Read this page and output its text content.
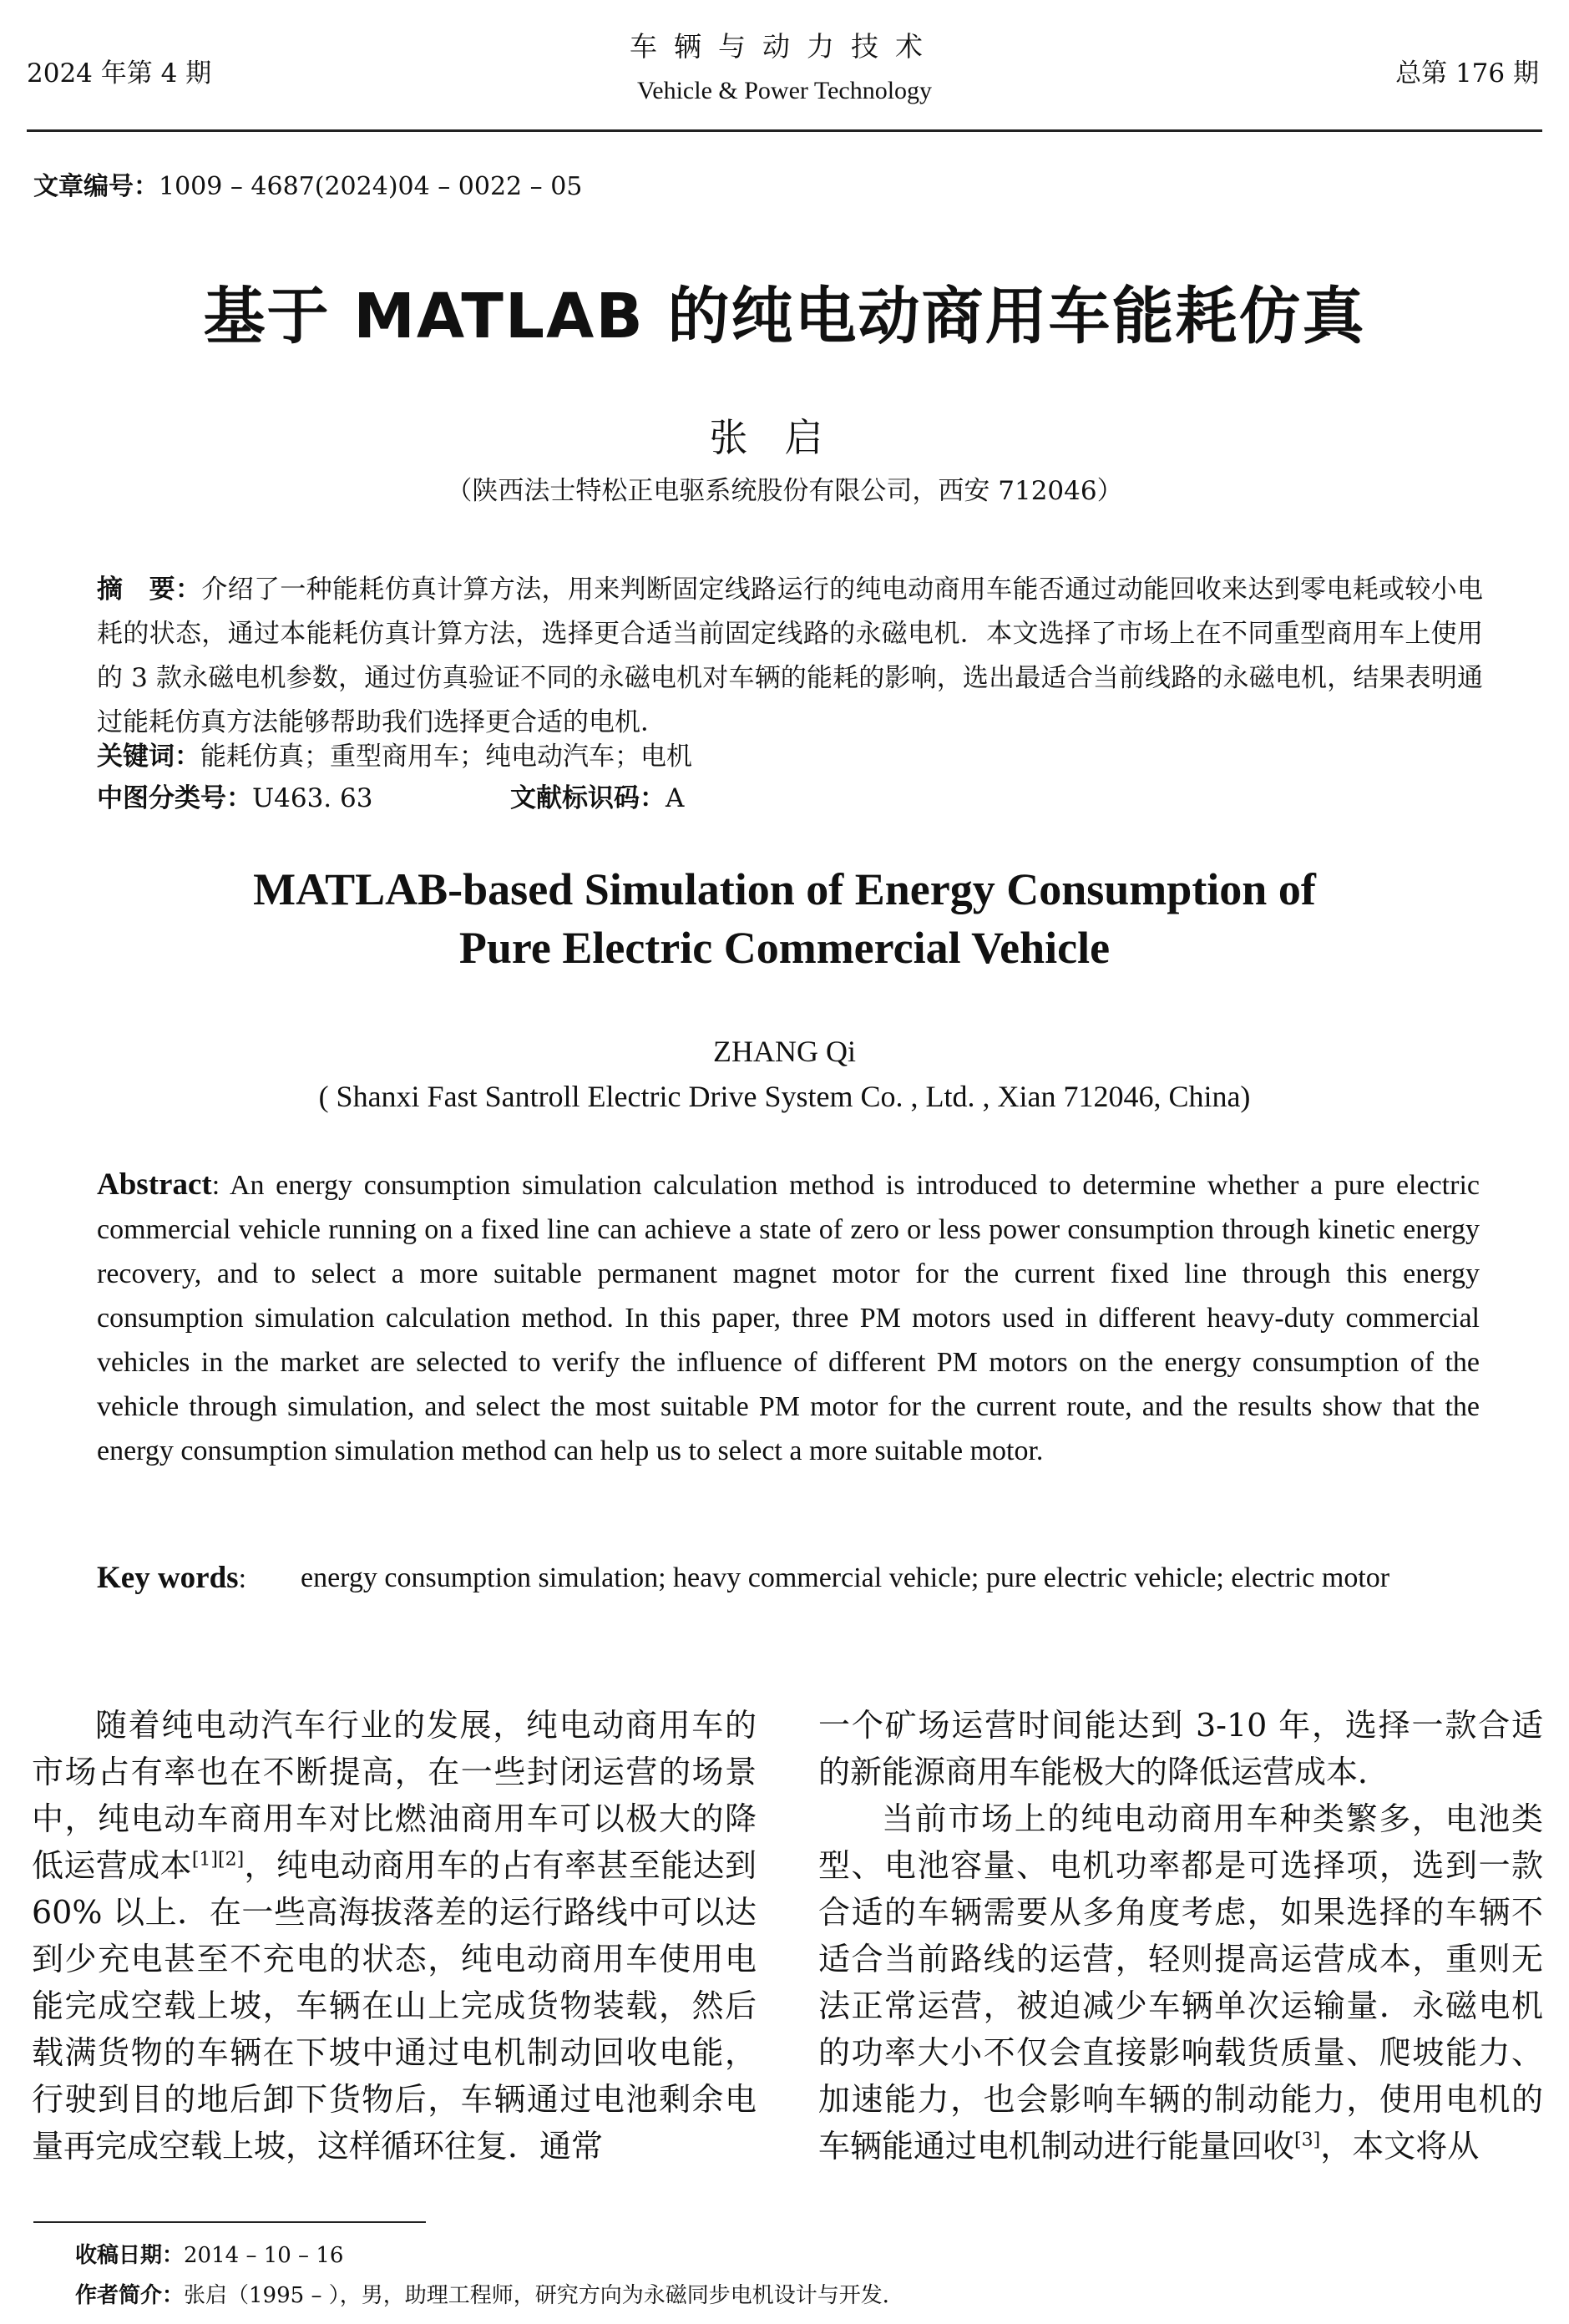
2024 年第 4 期
车辆与动力技术
Vehicle & Power Technology
总第 176 期
文章编号：1009 – 4687(2024)04 – 0022 – 05
基于 MATLAB 的纯电动商用车能耗仿真
张启
（陕西法士特松正电驱系统股份有限公司，西安 712046）
摘　要：介绍了一种能耗仿真计算方法，用来判断固定线路运行的纯电动商用车能否通过动能回收来达到零电耗或较小电耗的状态，通过本能耗仿真计算方法，选择更合适当前固定线路的永磁电机．本文选择了市场上在不同重型商用车上使用的 3 款永磁电机参数，通过仿真验证不同的永磁电机对车辆的能耗的影响，选出最适合当前线路的永磁电机，结果表明通过能耗仿真方法能够帮助我们选择更合适的电机．
关键词：能耗仿真；重型商用车；纯电动汽车；电机
中图分类号：U463. 63	文献标识码：A
MATLAB-based Simulation of Energy Consumption of
Pure Electric Commercial Vehicle
ZHANG Qi
( Shanxi Fast Santroll Electric Drive System Co. , Ltd. , Xian 712046, China)
Abstract: An energy consumption simulation calculation method is introduced to determine whether a pure electric commercial vehicle running on a fixed line can achieve a state of zero or less power consumption through kinetic energy recovery, and to select a more suitable permanent magnet motor for the current fixed line through this energy consumption simulation calculation method. In this paper, three PM motors used in different heavy-duty commercial vehicles in the market are selected to verify the influence of different PM motors on the energy consumption of the vehicle through simulation, and select the most suitable PM motor for the current route, and the results show that the energy consumption simulation method can help us to select a more suitable motor.
Key words: energy consumption simulation; heavy commercial vehicle; pure electric vehicle; electric motor

随着纯电动汽车行业的发展，纯电动商用车的市场占有率也在不断提高，在一些封闭运营的场景中，纯电动车商用车对比燃油商用车可以极大的降低运营成本[1][2]，纯电动商用车的占有率甚至能达到 60% 以上．在一些高海拔落差的运行路线中可以达到少充电甚至不充电的状态，纯电动商用车使用电能完成空载上坡，车辆在山上完成货物装载，然后载满货物的车辆在下坡中通过电机制动回收电能，行驶到目的地后卸下货物后，车辆通过电池剩余电量再完成空载上坡，这样循环往复．通常

一个矿场运营时间能达到 3-10 年，选择一款合适的新能源商用车能极大的降低运营成本．

当前市场上的纯电动商用车种类繁多，电池类型、电池容量、电机功率都是可选择项，选到一款合适的车辆需要从多角度考虑，如果选择的车辆不适合当前路线的运营，轻则提高运营成本，重则无法正常运营，被迫减少车辆单次运输量．永磁电机的功率大小不仅会直接影响载货质量、爬坡能力、加速能力，也会影响车辆的制动能力，使用电机的车辆能通过电机制动进行能量回收[3]，本文将从

收稿日期：2014 – 10 – 16
作者简介：张启（1995 – ），男，助理工程师，研究方向为永磁同步电机设计与开发．
